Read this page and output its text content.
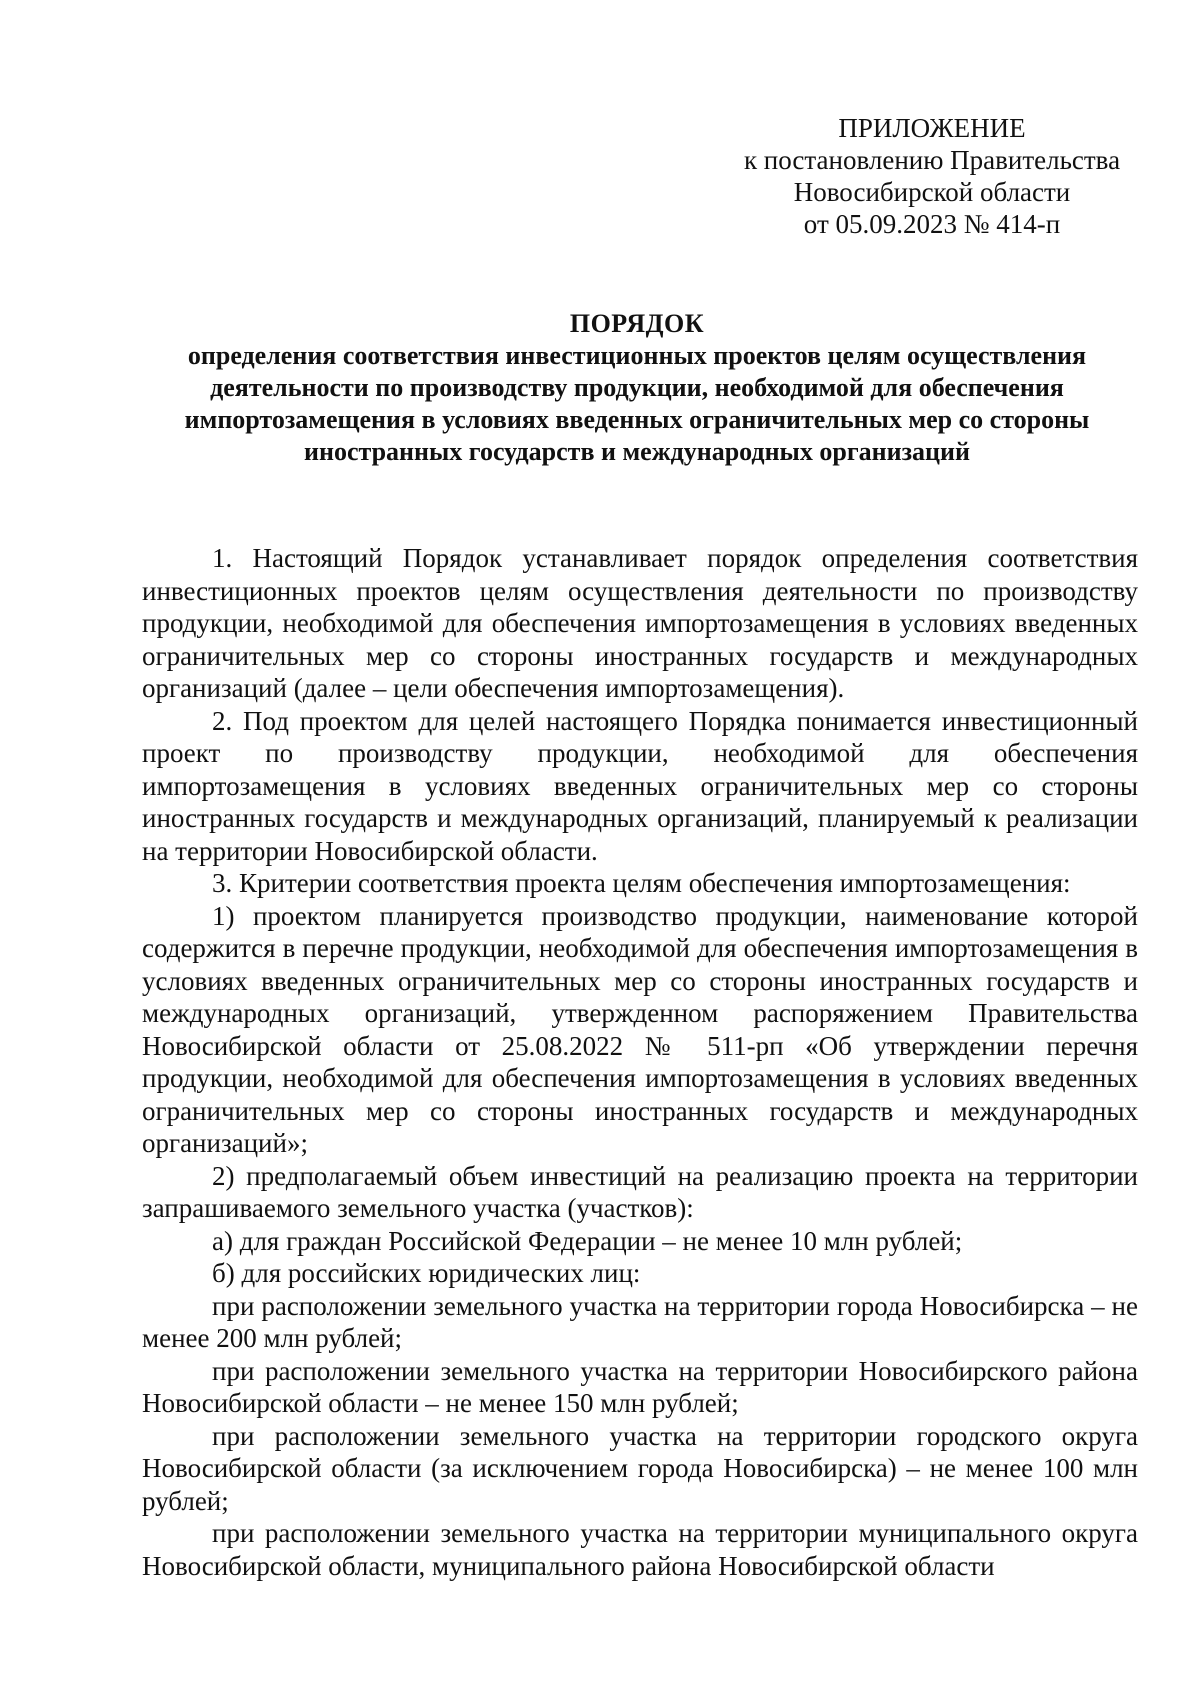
ПРИЛОЖЕНИЕ
к постановлению Правительства
Новосибирской области
от 05.09.2023 № 414-п
ПОРЯДОК
определения соответствия инвестиционных проектов целям осуществления деятельности по производству продукции, необходимой для обеспечения импортозамещения в условиях введенных ограничительных мер со стороны иностранных государств и международных организаций

1. Настоящий Порядок устанавливает порядок определения соответствия инвестиционных проектов целям осуществления деятельности по производству продукции, необходимой для обеспечения импортозамещения в условиях введенных ограничительных мер со стороны иностранных государств и международных организаций (далее – цели обеспечения импортозамещения).

2. Под проектом для целей настоящего Порядка понимается инвестиционный проект по производству продукции, необходимой для обеспечения импортозамещения в условиях введенных ограничительных мер со стороны иностранных государств и международных организаций, планируемый к реализации на территории Новосибирской области.

3. Критерии соответствия проекта целям обеспечения импортозамещения:

1) проектом планируется производство продукции, наименование которой содержится в перечне продукции, необходимой для обеспечения импортозамещения в условиях введенных ограничительных мер со стороны иностранных государств и международных организаций, утвержденном распоряжением Правительства Новосибирской области от 25.08.2022 № 511-рп «Об утверждении перечня продукции, необходимой для обеспечения импортозамещения в условиях введенных ограничительных мер со стороны иностранных государств и международных организаций»;

2) предполагаемый объем инвестиций на реализацию проекта на территории запрашиваемого земельного участка (участков):

а) для граждан Российской Федерации – не менее 10 млн рублей;

б) для российских юридических лиц:

при расположении земельного участка на территории города Новосибирска – не менее 200 млн рублей;

при расположении земельного участка на территории Новосибирского района Новосибирской области – не менее 150 млн рублей;

при расположении земельного участка на территории городского округа Новосибирской области (за исключением города Новосибирска) – не менее 100 млн рублей;

при расположении земельного участка на территории муниципального округа Новосибирской области, муниципального района Новосибирской области
